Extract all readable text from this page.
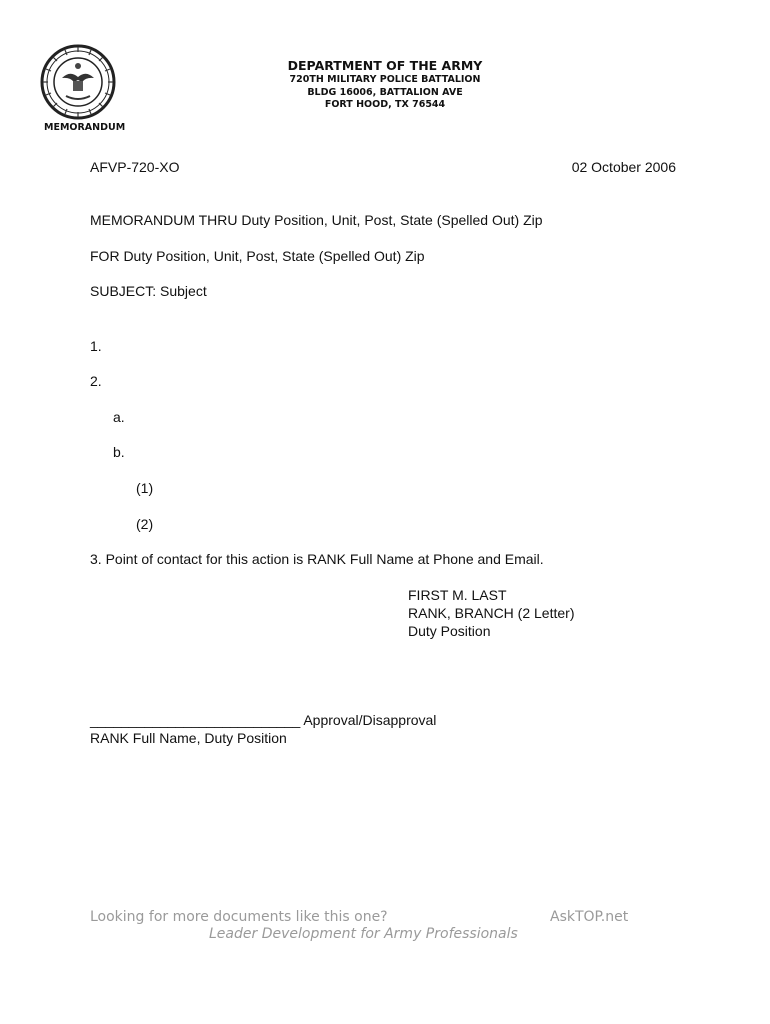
DEPARTMENT OF THE ARMY
720TH MILITARY POLICE BATTALION
BLDG 16006, BATTALION AVE
FORT HOOD, TX 76544
MEMORANDUM
AFVP-720-XO	02 October 2006
MEMORANDUM THRU Duty Position, Unit, Post, State (Spelled Out) Zip
FOR Duty Position, Unit, Post, State (Spelled Out) Zip
SUBJECT: Subject
1.
2.
a.
b.
(1)
(2)
3. Point of contact for this action is RANK Full Name at Phone and Email.
FIRST M. LAST
RANK, BRANCH (2 Letter)
Duty Position
___________________________ Approval/Disapproval
RANK Full Name, Duty Position
Looking for more documents like this one?	AskTOP.net
Leader Development for Army Professionals
